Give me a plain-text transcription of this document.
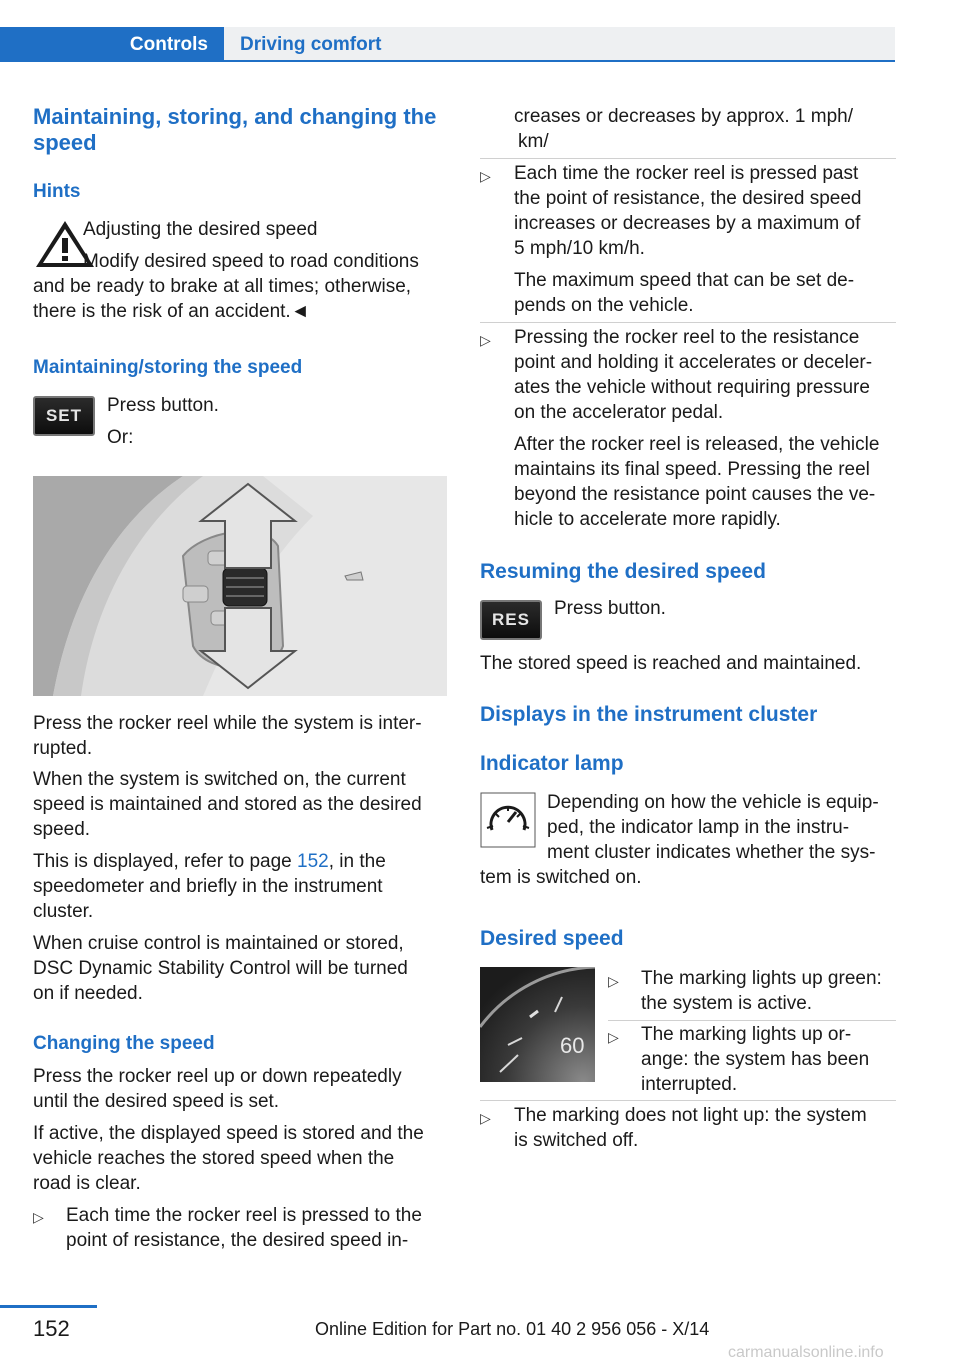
Controls	Driving comfort
Maintaining, storing, and changing the speed
Hints
Adjusting the desired speed
Modify desired speed to road conditions
and be ready to brake at all times; otherwise,
there is the risk of an accident.◄
Maintaining/storing the speed
SET	Press button.
Or:
Press the rocker reel while the system is inter-
rupted.
When the system is switched on, the current
speed is maintained and stored as the desired
speed.
This is displayed, refer to page 152, in the
speedometer and briefly in the instrument
cluster.
When cruise control is maintained or stored,
DSC Dynamic Stability Control will be turned
on if needed.
Changing the speed
Press the rocker reel up or down repeatedly
until the desired speed is set.
If active, the displayed speed is stored and the
vehicle reaches the stored speed when the
road is clear.
▷ Each time the rocker reel is pressed to the
point of resistance, the desired speed in-
creases or decreases by approx. 1 mph/
km/
▷ Each time the rocker reel is pressed past
the point of resistance, the desired speed
increases or decreases by a maximum of
5 mph/10 km/h.
The maximum speed that can be set de-
pends on the vehicle.
▷ Pressing the rocker reel to the resistance
point and holding it accelerates or deceler-
ates the vehicle without requiring pressure
on the accelerator pedal.
After the rocker reel is released, the vehicle
maintains its final speed. Pressing the reel
beyond the resistance point causes the ve-
hicle to accelerate more rapidly.
Resuming the desired speed
RES
Press button.
The stored speed is reached and maintained.
Displays in the instrument cluster
Indicator lamp
Depending on how the vehicle is equip-
ped, the indicator lamp in the instru-
ment cluster indicates whether the sys-
tem is switched on.
Desired speed
60
▷ The marking lights up green:
the system is active.
▷ The marking lights up or-
ange: the system has been
interrupted.
▷ The marking does not light up: the system
is switched off.
152	Online Edition for Part no. 01 40 2 956 056 - X/14
carmanualsonline.info
